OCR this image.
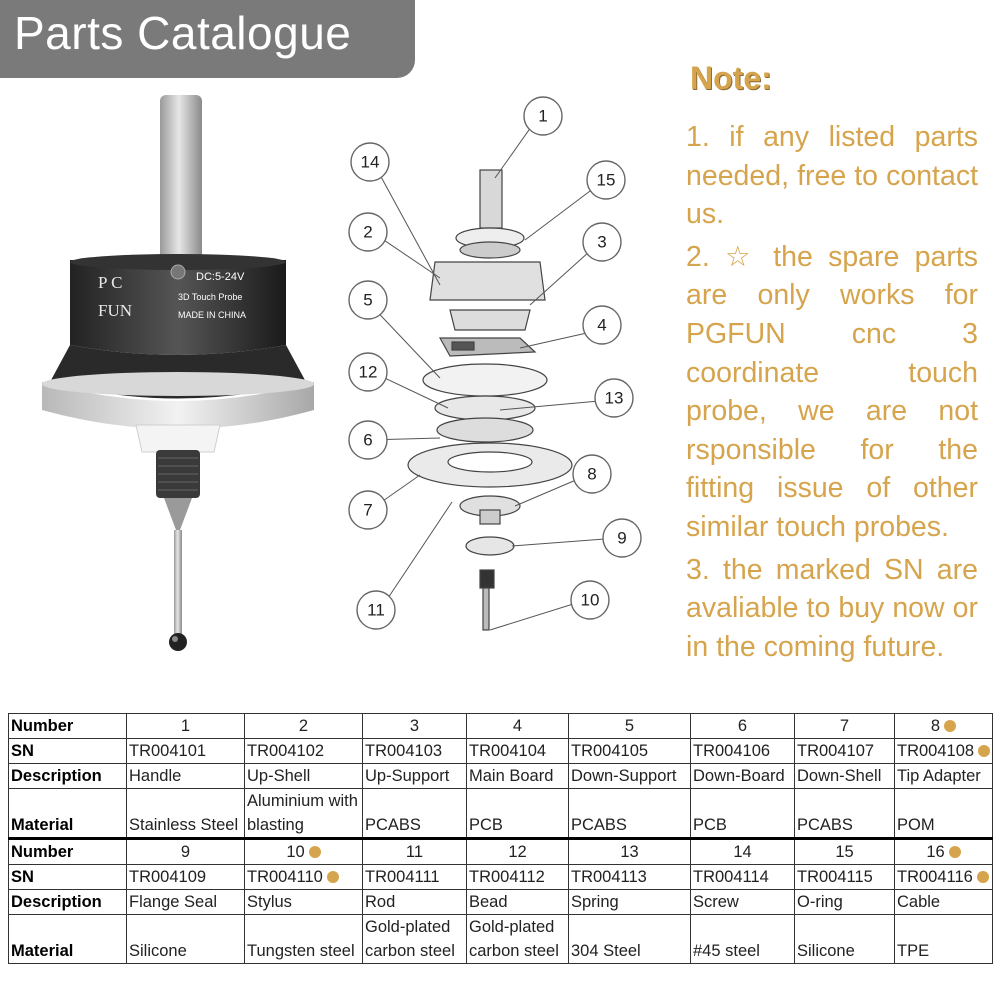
Parts Catalogue
P C
FUN
DC:5-24V
3D Touch Probe
MADE IN CHINA
1
14
15
2
3
4
5
12
13
6
8
7
9
11
10
Note:

1. if any listed parts needed, free to contact us.

2. ☆ the spare parts are only works for PGFUN cnc 3 coordinate touch probe, we are not rsponsible for the fitting issue of other similar touch probes.

3. the marked SN are avaliable to buy now or in the coming future.

Number	1	2	3	4	5	6	7	8
SN	TR004101	TR004102	TR004103	TR004104	TR004105	TR004106	TR004107	TR004108
Description	Handle	Up-Shell	Up-Support	Main Board	Down-Support	Down-Board	Down-Shell	Tip Adapter
Material	Stainless Steel	Aluminium with blasting	PCABS	PCB	PCABS	PCB	PCABS	POM
Number	9	10	11	12	13	14	15	16
SN	TR004109	TR004110	TR004111	TR004112	TR004113	TR004114	TR004115	TR004116
Description	Flange Seal	Stylus	Rod	Bead	Spring	Screw	O-ring	Cable
Material	Silicone	Tungsten steel	Gold-plated carbon steel	Gold-plated carbon steel	304 Steel	#45 steel	Silicone	TPE
